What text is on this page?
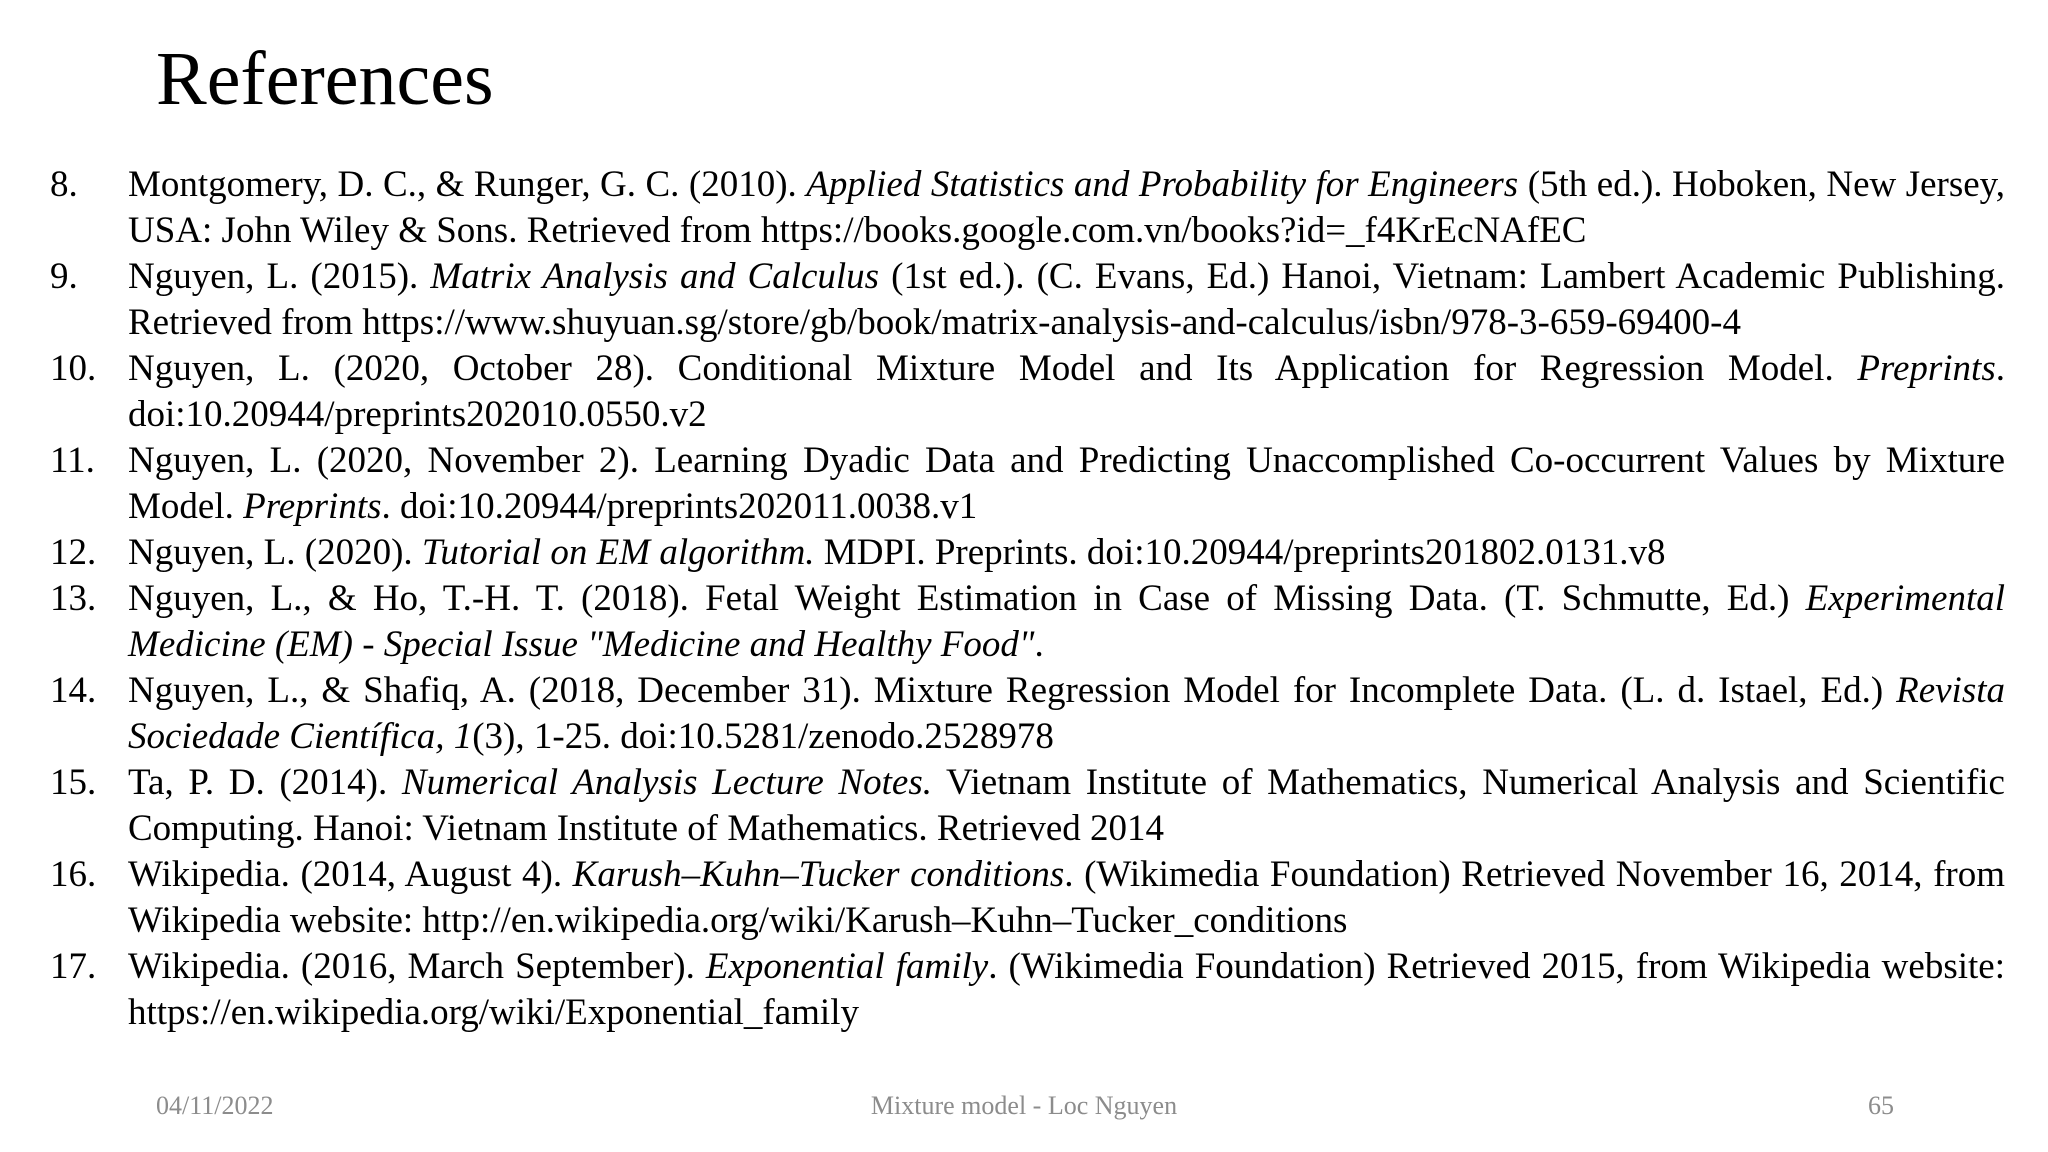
References
8. Montgomery, D. C., & Runger, G. C. (2010). Applied Statistics and Probability for Engineers (5th ed.). Hoboken, New Jersey, USA: John Wiley & Sons. Retrieved from https://books.google.com.vn/books?id=_f4KrEcNAfEC
9. Nguyen, L. (2015). Matrix Analysis and Calculus (1st ed.). (C. Evans, Ed.) Hanoi, Vietnam: Lambert Academic Publishing. Retrieved from https://www.shuyuan.sg/store/gb/book/matrix-analysis-and-calculus/isbn/978-3-659-69400-4
10. Nguyen, L. (2020, October 28). Conditional Mixture Model and Its Application for Regression Model. Preprints. doi:10.20944/preprints202010.0550.v2
11. Nguyen, L. (2020, November 2). Learning Dyadic Data and Predicting Unaccomplished Co-occurrent Values by Mixture Model. Preprints. doi:10.20944/preprints202011.0038.v1
12. Nguyen, L. (2020). Tutorial on EM algorithm. MDPI. Preprints. doi:10.20944/preprints201802.0131.v8
13. Nguyen, L., & Ho, T.-H. T. (2018). Fetal Weight Estimation in Case of Missing Data. (T. Schmutte, Ed.) Experimental Medicine (EM) - Special Issue "Medicine and Healthy Food".
14. Nguyen, L., & Shafiq, A. (2018, December 31). Mixture Regression Model for Incomplete Data. (L. d. Istael, Ed.) Revista Sociedade Científica, 1(3), 1-25. doi:10.5281/zenodo.2528978
15. Ta, P. D. (2014). Numerical Analysis Lecture Notes. Vietnam Institute of Mathematics, Numerical Analysis and Scientific Computing. Hanoi: Vietnam Institute of Mathematics. Retrieved 2014
16. Wikipedia. (2014, August 4). Karush–Kuhn–Tucker conditions. (Wikimedia Foundation) Retrieved November 16, 2014, from Wikipedia website: http://en.wikipedia.org/wiki/Karush–Kuhn–Tucker_conditions
17. Wikipedia. (2016, March September). Exponential family. (Wikimedia Foundation) Retrieved 2015, from Wikipedia website: https://en.wikipedia.org/wiki/Exponential_family
04/11/2022	Mixture model - Loc Nguyen	65
